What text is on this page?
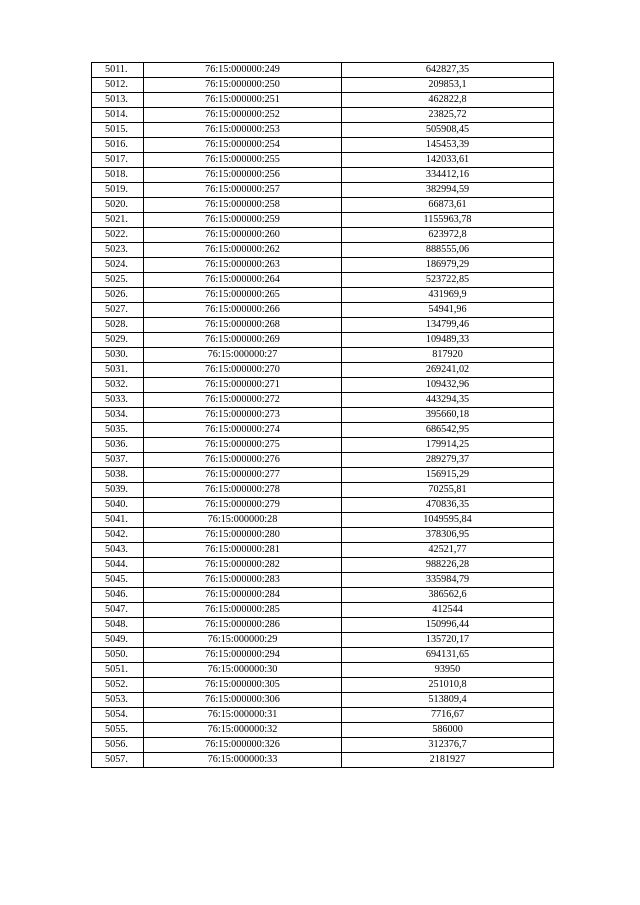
5011.	76:15:000000:249	642827,35
5012.	76:15:000000:250	209853,1
5013.	76:15:000000:251	462822,8
5014.	76:15:000000:252	23825,72
5015.	76:15:000000:253	505908,45
5016.	76:15:000000:254	145453,39
5017.	76:15:000000:255	142033,61
5018.	76:15:000000:256	334412,16
5019.	76:15:000000:257	382994,59
5020.	76:15:000000:258	66873,61
5021.	76:15:000000:259	1155963,78
5022.	76:15:000000:260	623972,8
5023.	76:15:000000:262	888555,06
5024.	76:15:000000:263	186979,29
5025.	76:15:000000:264	523722,85
5026.	76:15:000000:265	431969,9
5027.	76:15:000000:266	54941,96
5028.	76:15:000000:268	134799,46
5029.	76:15:000000:269	109489,33
5030.	76:15:000000:27	817920
5031.	76:15:000000:270	269241,02
5032.	76:15:000000:271	109432,96
5033.	76:15:000000:272	443294,35
5034.	76:15:000000:273	395660,18
5035.	76:15:000000:274	686542,95
5036.	76:15:000000:275	179914,25
5037.	76:15:000000:276	289279,37
5038.	76:15:000000:277	156915,29
5039.	76:15:000000:278	70255,81
5040.	76:15:000000:279	470836,35
5041.	76:15:000000:28	1049595,84
5042.	76:15:000000:280	378306,95
5043.	76:15:000000:281	42521,77
5044.	76:15:000000:282	988226,28
5045.	76:15:000000:283	335984,79
5046.	76:15:000000:284	386562,6
5047.	76:15:000000:285	412544
5048.	76:15:000000:286	150996,44
5049.	76:15:000000:29	135720,17
5050.	76:15:000000:294	694131,65
5051.	76:15:000000:30	93950
5052.	76:15:000000:305	251010,8
5053.	76:15:000000:306	513809,4
5054.	76:15:000000:31	7716,67
5055.	76:15:000000:32	586000
5056.	76:15:000000:326	312376,7
5057.	76:15:000000:33	2181927
